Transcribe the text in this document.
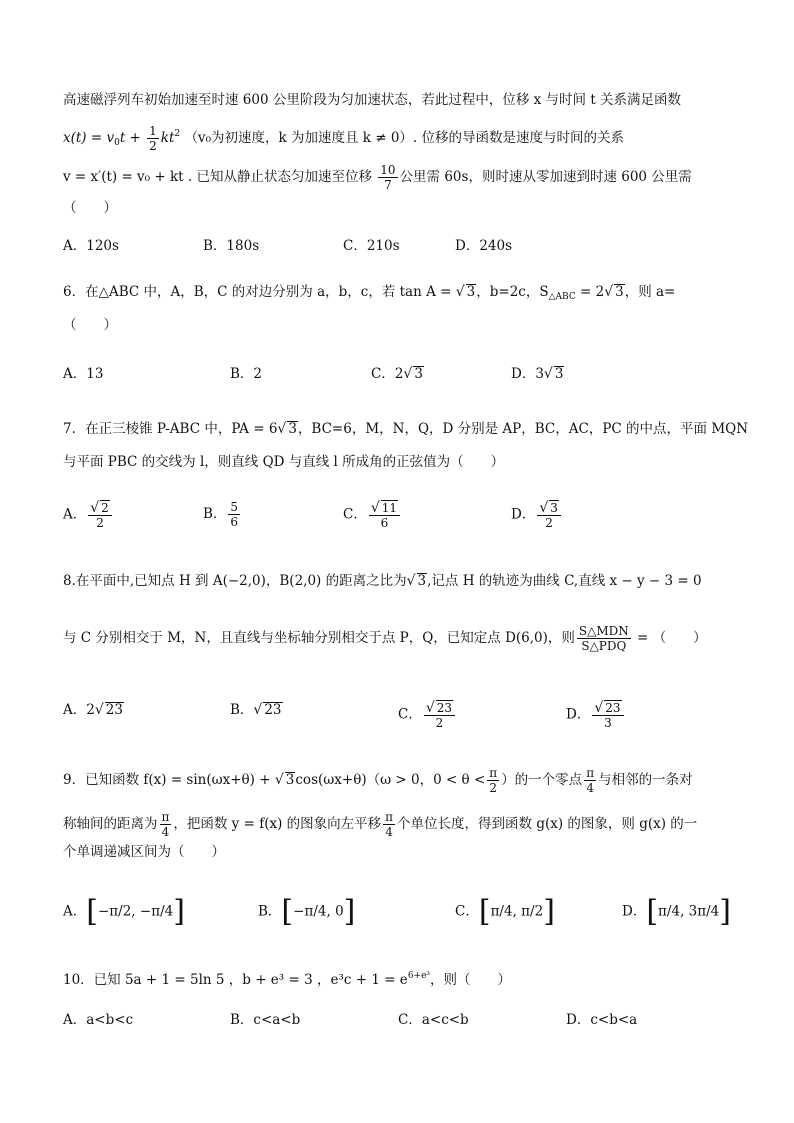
高速磁浮列车初始加速至时速 600 公里阶段为匀加速状态，若此过程中，位移 x 与时间 t 关系满足函数
$x(t) = v_0t + \frac{1}{2} kt^2$ （v₀为初速度，k 为加速度且 k ≠ 0）. 位移的导函数是速度与时间的关系
v = x′(t) = v₀ + kt . 已知从静止状态匀加速至位移 $\frac{10}{7}$ 公里需 60s，则时速从零加速到时速 600 公里需
（　　）
A．120s	B．180s	C．210s	D．240s
6．在△ABC 中，A，B，C 的对边分别为 a，b，c，若 tan A = √ 3，b=2c，$S_{\triangle ABC} = 2√$ 3，则 a=
（　　）
A．13	B．2	C．2√ 3	D．3√ 3
7．在正三棱锥 P-ABC 中，PA = 6√ 3，BC=6，M，N，Q，D 分别是 AP，BC，AC，PC 的中点，平面 MQN
与平面 PBC 的交线为 l，则直线 QD 与直线 l 所成角的正弦值为（　　）
A． $\frac{√ 2}{2}$	B． $\frac{5}{6}$	C． $\frac{√ 11}{6}$	D． $\frac{√ 3}{2}$
8.在平面中,已知点 H 到 A(−2,0)，B(2,0) 的距离之比为√ 3,记点 H 的轨迹为曲线 C,直线 x − y − 3 = 0
与 C 分别相交于 M，N，且直线与坐标轴分别相交于点 P，Q，已知定点 D(6,0)，则 $\frac{\text{S△MDN}}{\text{S△PDQ}}$ = （　　）
A．2√ 23	B．√ 23	C． $\frac{√ 23}{2}$	D． $\frac{√ 23}{3}$
9．已知函数 f(x) = sin(ωx+θ) + √ 3cos(ωx+θ)（ω > 0，$0 < \theta < \frac{\pi}{2}$ ）的一个零点 $\frac{\pi}{4}$ 与相邻的一条对
称轴间的距离为 $\frac{\pi}{4}$ ，把函数 y = f(x) 的图象向左平移 $\frac{\pi}{4}$ 个单位长度，得到函数 g(x) 的图象，则 g(x) 的一
个单调递减区间为（　　）
A．[−π/2, −π/4]	B．[−π/4, 0]	C．[π/4, π/2]	D．[π/4, 3π/4]
10．已知 5a + 1 = 5ln 5 ，b + e³ = 3 ，$e^3c + 1 = e^{6+e^3}$，则（　　）
A．a<b<c	B．c<a<b	C．a<c<b	D．c<b<a
